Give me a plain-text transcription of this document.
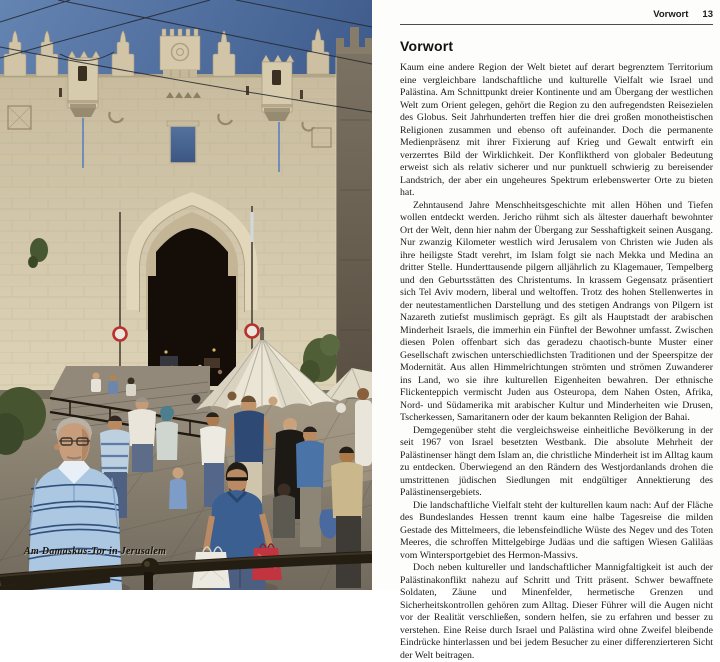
Am Damaskus-Tor in Jerusalem
Vorwort 13
Vorwort

Kaum eine andere Region der Welt bietet auf derart begrenztem Territorium eine vergleichbare landschaftliche und kulturelle Vielfalt wie Israel und Palästina. Am Schnittpunkt dreier Kontinente und am Übergang der westlichen Welt zum Orient gelegen, gehört die Region zu den aufregendsten Reisezielen des Globus. Seit Jahrhunderten treffen hier die drei großen monotheistischen Religionen zusammen und ebenso oft aufeinander. Doch die permanente Medienpräsenz mit ihrer Fixierung auf Krieg und Gewalt entwirft ein verzerrtes Bild der Wirklichkeit. Der Konfliktherd von globaler Bedeutung erweist sich als relativ sicherer und nur punktuell schwierig zu bereisender Landstrich, der aber ein ungeheures Spektrum erlebenswerter Orte zu bieten hat.

Zehntausend Jahre Menschheitsgeschichte mit allen Höhen und Tiefen wollen entdeckt werden. Jericho rühmt sich als ältester dauerhaft bewohnter Ort der Welt, denn hier nahm der Übergang zur Sesshaftigkeit seinen Ausgang. Nur zwanzig Kilometer westlich wird Jerusalem von Christen wie Juden als ihre heiligste Stadt verehrt, im Islam folgt sie nach Mekka und Medina an dritter Stelle. Hunderttausende pilgern alljährlich zu Klagemauer, Tempelberg und den Geburtsstätten des Christentums. In krassem Gegensatz präsentiert sich Tel Aviv modern, liberal und weltoffen. Trotz des hohen Stellenwertes in der neutestamentlichen Darstellung und des stetigen Andrangs von Pilgern ist Nazareth zutiefst muslimisch geprägt. Es gilt als Hauptstadt der arabischen Minderheit Israels, die immerhin ein Fünftel der Bewohner umfasst. Zwischen diesen Polen offenbart sich das geradezu chaotisch-bunte Muster einer Gesellschaft zwischen unterschiedlichsten Traditionen und der Speerspitze der Modernität. Aus allen Himmelrichtungen strömten und strömen Zuwanderer ins Land, wo sie ihre kulturellen Eigenheiten bewahren. Der ethnische Flickenteppich vermischt Juden aus Osteuropa, dem Nahen Osten, Afrika, Nord- und Südamerika mit arabischer Kultur und Minderheiten wie Drusen, Tscherkessen, Samaritanern oder der kaum bekannten Religion der Bahai.

Demgegenüber steht die vergleichsweise einheitliche Bevölkerung in der seit 1967 von Israel besetzten Westbank. Die absolute Mehrheit der Palästinenser hängt dem Islam an, die christliche Minderheit ist im Alltag kaum zu entdecken. Überwiegend an den Rändern des Westjordanlands drohen die umstrittenen jüdischen Siedlungen mit endgültiger Annektierung des Palästinensergebiets.

Die landschaftliche Vielfalt steht der kulturellen kaum nach: Auf der Fläche des Bundeslandes Hessen trennt kaum eine halbe Tagesreise die milden Gestade des Mittelmeers, die lebensfeindliche Wüste des Negev und des Toten Meeres, die schroffen Mittelgebirge Judäas und die saftigen Wiesen Galiläas vom Wintersportgebiet des Hermon-Massivs.

Doch neben kultureller und landschaftlicher Mannigfaltigkeit ist auch der Palästinakonflikt nahezu auf Schritt und Tritt präsent. Schwer bewaffnete Soldaten, Zäune und Minenfelder, hermetische Grenzen und Sicherheitskontrollen gehören zum Alltag. Dieser Führer will die Augen nicht vor der Realität verschließen, sondern helfen, sie zu erfahren und besser zu verstehen. Eine Reise durch Israel und Palästina wird ohne Zweifel bleibende Eindrücke hinterlassen und bei jedem Besucher zu einer differenzierteren Sicht der Welt beitragen.
